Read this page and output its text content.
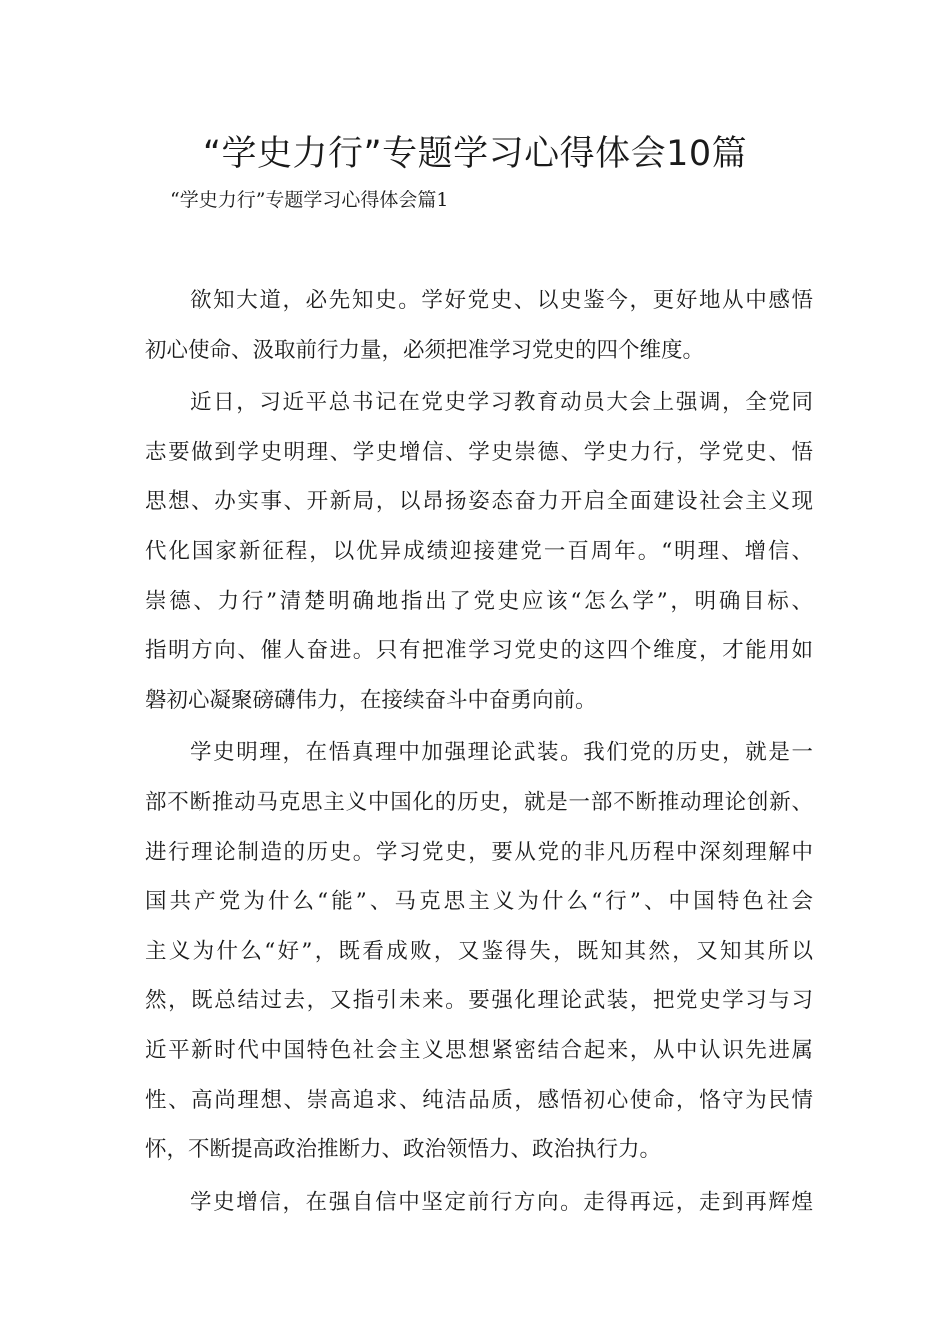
“学史力行”专题学习心得体会10篇

“学史力行”专题学习心得体会篇1

欲知大道，必先知史。学好党史、以史鉴今，更好地从中感悟
初心使命、汲取前行力量，必须把准学习党史的四个维度。
近日，习近平总书记在党史学习教育动员大会上强调，全党同
志要做到学史明理、学史增信、学史崇德、学史力行，学党史、悟
思想、办实事、开新局，以昂扬姿态奋力开启全面建设社会主义现
代化国家新征程，以优异成绩迎接建党一百周年。“明理、增信、
崇德、力行”清楚明确地指出了党史应该“怎么学”，明确目标、
指明方向、催人奋进。只有把准学习党史的这四个维度，才能用如
磐初心凝聚磅礴伟力，在接续奋斗中奋勇向前。
学史明理，在悟真理中加强理论武装。我们党的历史，就是一
部不断推动马克思主义中国化的历史，就是一部不断推动理论创新、
进行理论制造的历史。学习党史，要从党的非凡历程中深刻理解中
国共产党为什么“能”、马克思主义为什么“行”、中国特色社会
主义为什么“好”，既看成败，又鉴得失，既知其然，又知其所以
然，既总结过去，又指引未来。要强化理论武装，把党史学习与习
近平新时代中国特色社会主义思想紧密结合起来，从中认识先进属
性、高尚理想、崇高追求、纯洁品质，感悟初心使命，恪守为民情
怀，不断提高政治推断力、政治领悟力、政治执行力。
学史增信，在强自信中坚定前行方向。走得再远，走到再辉煌
